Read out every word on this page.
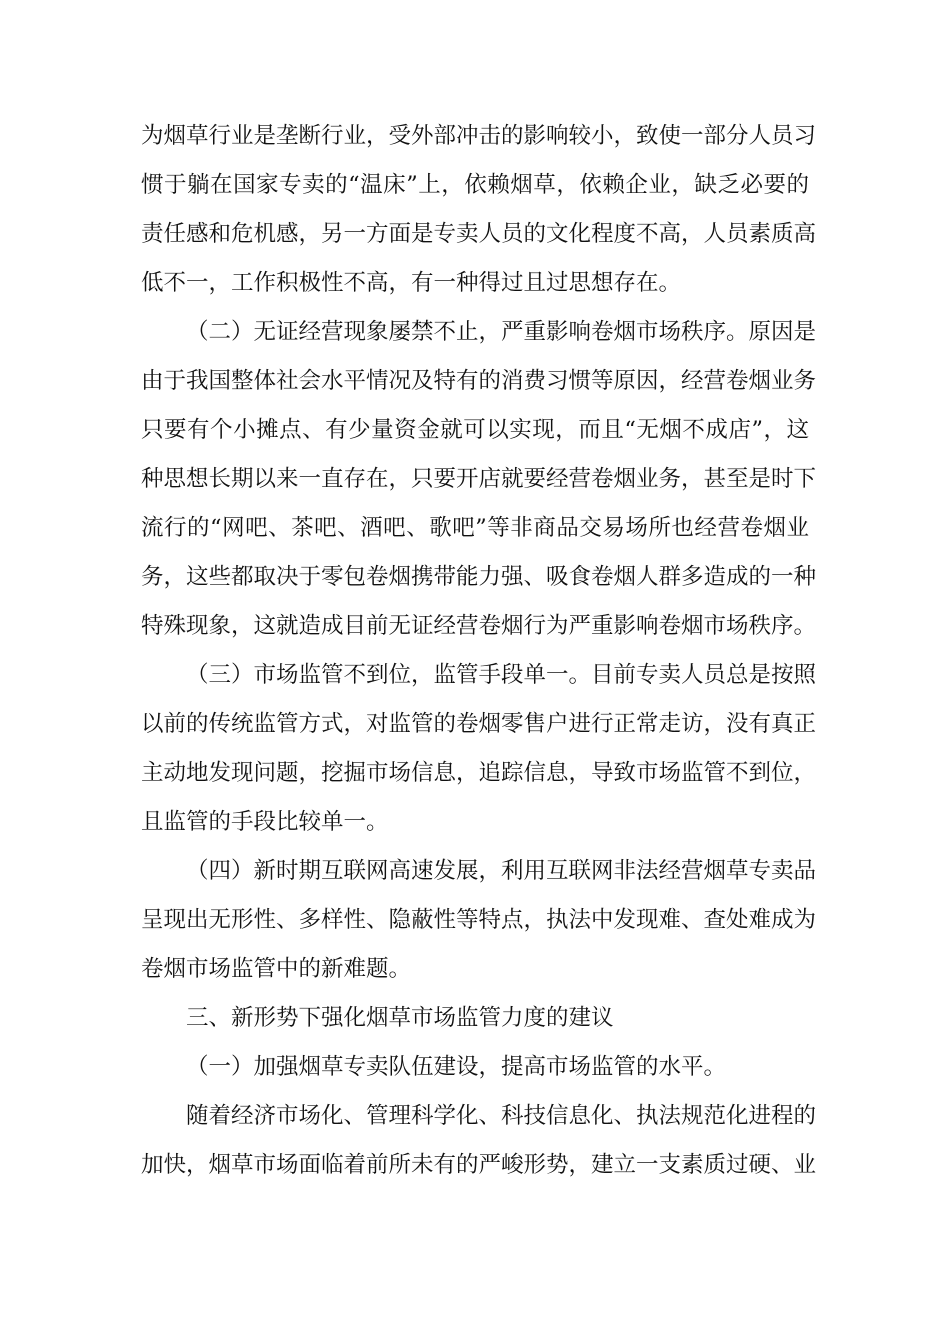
为烟草行业是垄断行业，受外部冲击的影响较小，致使一部分人员习
惯于躺在国家专卖的“温床”上，依赖烟草，依赖企业，缺乏必要的
责任感和危机感，另一方面是专卖人员的文化程度不高，人员素质高
低不一，工作积极性不高，有一种得过且过思想存在。
（二）无证经营现象屡禁不止，严重影响卷烟市场秩序。原因是
由于我国整体社会水平情况及特有的消费习惯等原因，经营卷烟业务
只要有个小摊点、有少量资金就可以实现，而且“无烟不成店”，这
种思想长期以来一直存在，只要开店就要经营卷烟业务，甚至是时下
流行的“网吧、茶吧、酒吧、歌吧”等非商品交易场所也经营卷烟业
务，这些都取决于零包卷烟携带能力强、吸食卷烟人群多造成的一种
特殊现象，这就造成目前无证经营卷烟行为严重影响卷烟市场秩序。
（三）市场监管不到位，监管手段单一。目前专卖人员总是按照
以前的传统监管方式，对监管的卷烟零售户进行正常走访，没有真正
主动地发现问题，挖掘市场信息，追踪信息，导致市场监管不到位，
且监管的手段比较单一。
（四）新时期互联网高速发展，利用互联网非法经营烟草专卖品
呈现出无形性、多样性、隐蔽性等特点，执法中发现难、查处难成为
卷烟市场监管中的新难题。
三、新形势下强化烟草市场监管力度的建议
（一）加强烟草专卖队伍建设，提高市场监管的水平。
随着经济市场化、管理科学化、科技信息化、执法规范化进程的
加快，烟草市场面临着前所未有的严峻形势，建立一支素质过硬、业
